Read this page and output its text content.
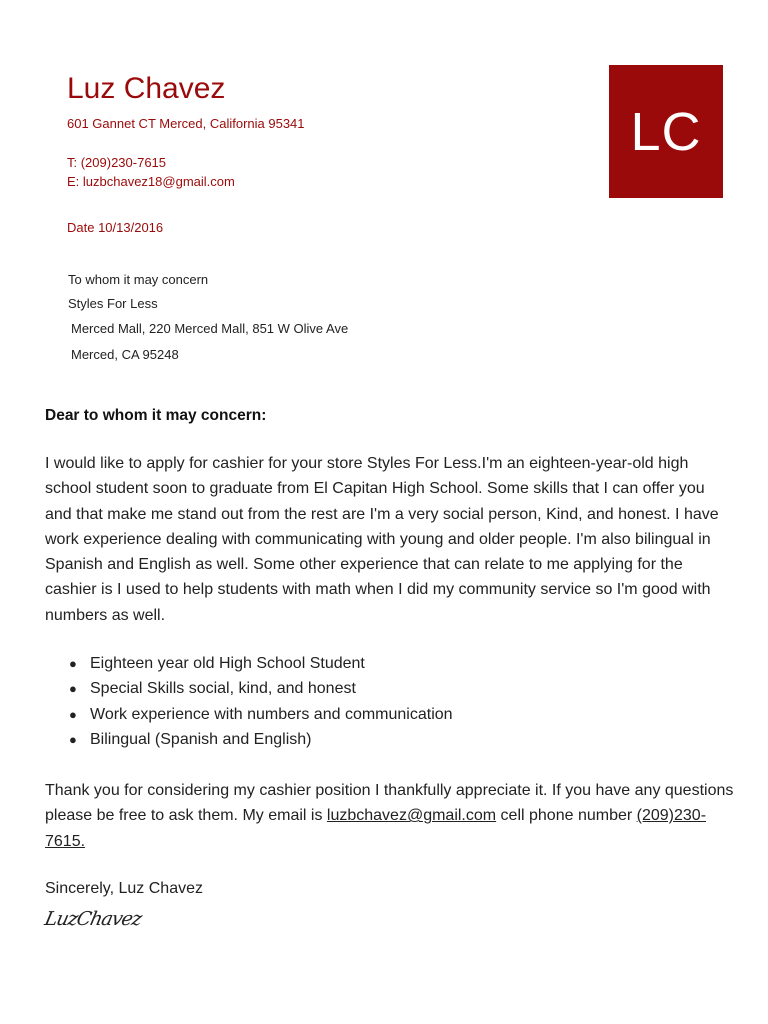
Luz Chavez
601 Gannet CT Merced, California 95341
T: (209)230-7615
E: luzbchavez18@gmail.com
Date 10/13/2016
LC
To whom it may concern
Styles For Less
Merced Mall, 220 Merced Mall, 851 W Olive Ave
Merced, CA 95248
Dear to whom it may concern:
I would like to apply for cashier for your store Styles For Less.I'm an eighteen-year-old high school student soon to graduate from El Capitan High School. Some skills that I can offer you and that make me stand out from the rest are I'm a very social person, Kind, and honest. I have work experience dealing with communicating with young and older people. I'm also bilingual in Spanish and English as well. Some other experience that can relate to me applying for the cashier is I used to help students with math when I did my community service so I'm good with numbers as well.
● Eighteen year old High School Student
● Special Skills social, kind, and honest
● Work experience with numbers and communication
● Bilingual (Spanish and English)
Thank you for considering my cashier position I thankfully appreciate it. If you have any questions please be free to ask them. My email is luzbchavez@gmail.com cell phone number (209)230-7615.
Sincerely, Luz Chavez
LuzChavez
